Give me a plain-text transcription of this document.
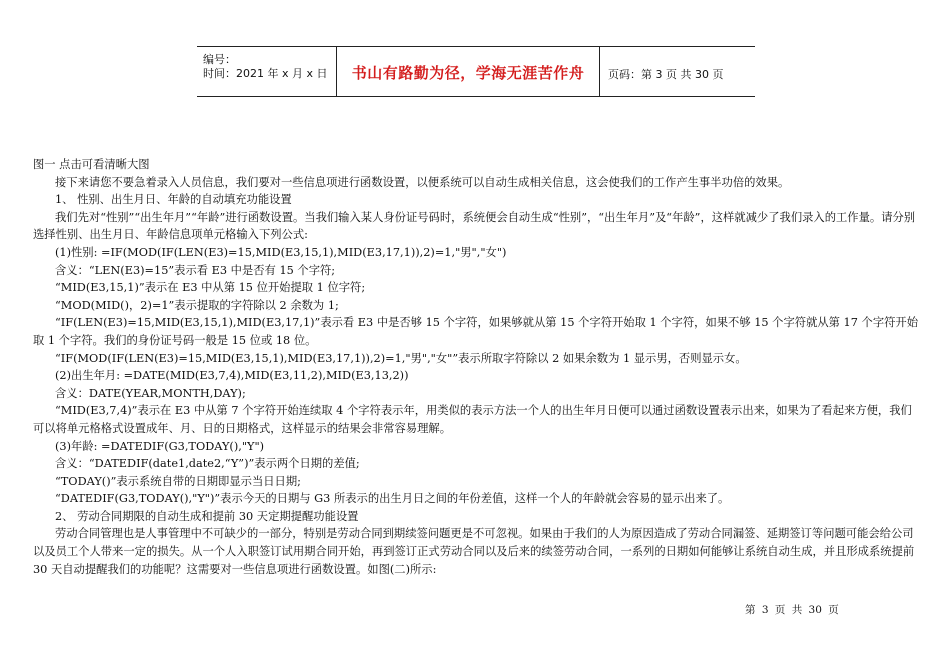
编号：
时间：2021 年 x 月 x 日	书山有路勤为径，学海无涯苦作舟	页码：第 3 页 共 30 页

图一 点击可看清晰大图

接下来请您不要急着录入人员信息，我们要对一些信息项进行函数设置，以便系统可以自动生成相关信息，这会使我们的工作产生事半功倍的效果。

1、 性别、出生月日、年龄的自动填充功能设置

我们先对“性别”“出生年月”“年龄”进行函数设置。当我们输入某人身份证号码时，系统便会自动生成“性别”，“出生年月”及“年龄”，这样就减少了我们录入的工作量。请分别选择性别、出生月日、年龄信息项单元格输入下列公式:

(1)性别: =IF(MOD(IF(LEN(E3)=15,MID(E3,15,1),MID(E3,17,1)),2)=1,"男","女")

含义：“LEN(E3)=15”表示看 E3 中是否有 15 个字符;

“MID(E3,15,1)”表示在 E3 中从第 15 位开始提取 1 位字符;

“MOD(MID()，2)=1”表示提取的字符除以 2 余数为 1;

“IF(LEN(E3)=15,MID(E3,15,1),MID(E3,17,1)”表示看 E3 中是否够 15 个字符，如果够就从第 15 个字符开始取 1 个字符，如果不够 15 个字符就从第 17 个字符开始取 1 个字符。我们的身份证号码一般是 15 位或 18 位。

“IF(MOD(IF(LEN(E3)=15,MID(E3,15,1),MID(E3,17,1)),2)=1,"男","女"”表示所取字符除以 2 如果余数为 1 显示男，否则显示女。

(2)出生年月: =DATE(MID(E3,7,4),MID(E3,11,2),MID(E3,13,2))

含义：DATE(YEAR,MONTH,DAY);

“MID(E3,7,4)”表示在 E3 中从第 7 个字符开始连续取 4 个字符表示年，用类似的表示方法一个人的出生年月日便可以通过函数设置表示出来，如果为了看起来方便，我们可以将单元格格式设置成年、月、日的日期格式，这样显示的结果会非常容易理解。

(3)年龄: =DATEDIF(G3,TODAY(),"Y")

含义：“DATEDIF(date1,date2,“Y”)”表示两个日期的差值;

“TODAY()”表示系统自带的日期即显示当日日期;

“DATEDIF(G3,TODAY(),"Y")”表示今天的日期与 G3 所表示的出生月日之间的年份差值，这样一个人的年龄就会容易的显示出来了。

2、 劳动合同期限的自动生成和提前 30 天定期提醒功能设置

劳动合同管理也是人事管理中不可缺少的一部分，特别是劳动合同到期续签问题更是不可忽视。如果由于我们的人为原因造成了劳动合同漏签、延期签订等问题可能会给公司以及员工个人带来一定的损失。从一个人入职签订试用期合同开始，再到签订正式劳动合同以及后来的续签劳动合同，一系列的日期如何能够让系统自动生成，并且形成系统提前 30 天自动提醒我们的功能呢？这需要对一些信息项进行函数设置。如图(二)所示:

第 3 页 共 30 页
